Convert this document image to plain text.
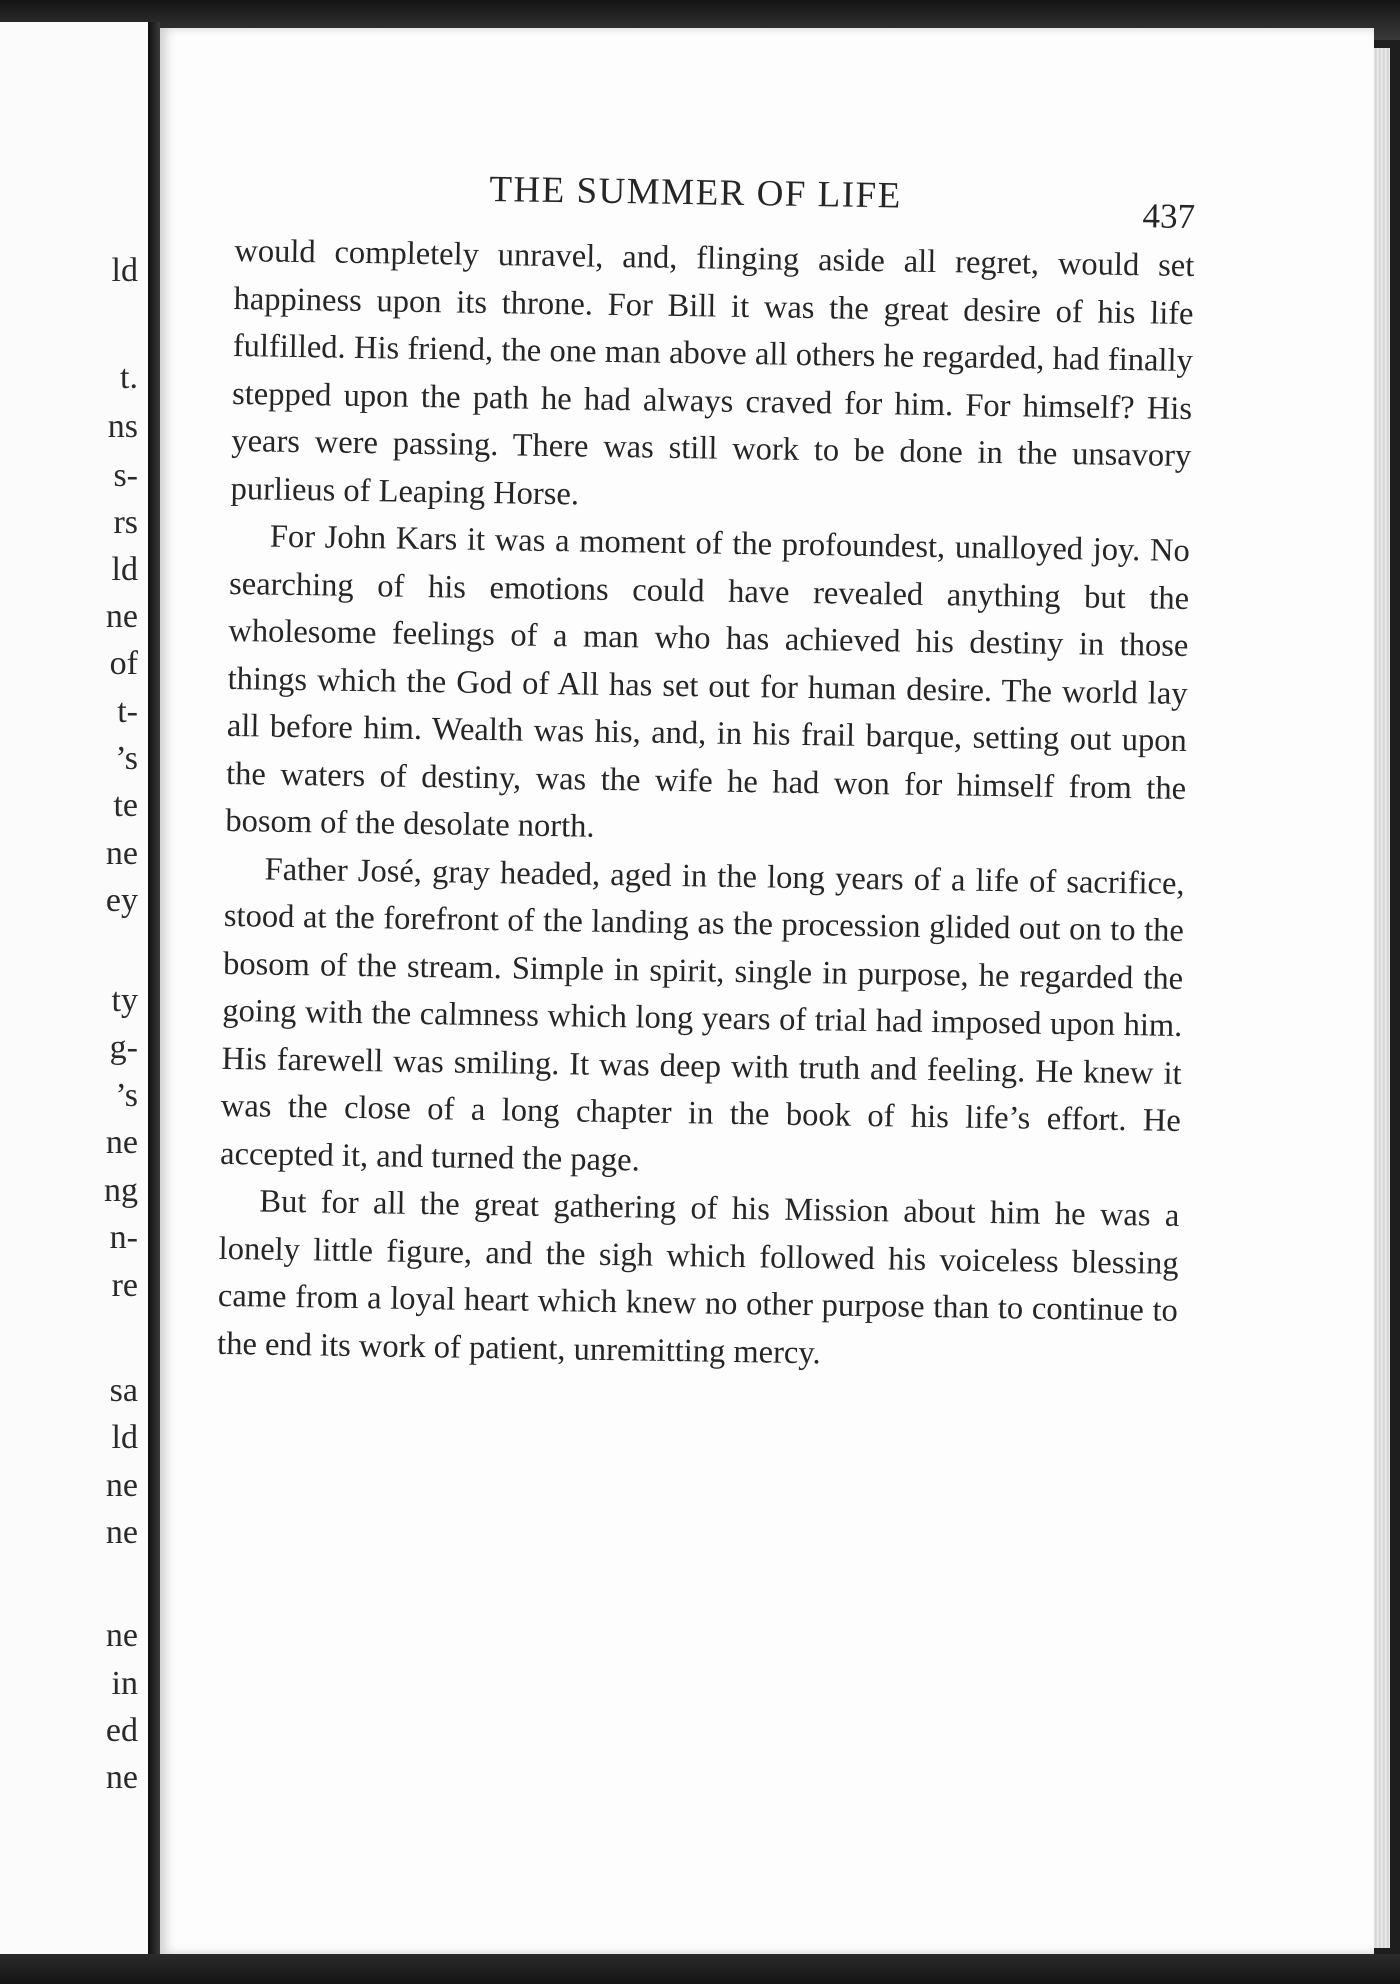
ld
t.
ns
s-
rs
ld
ne
of
t-
’s
te
ne
ey
ty
g-
’s
ne
ng
n-
re
sa
ld
ne
ne
ne
in
ed
ne
THE SUMMER OF LIFE	437

would completely unravel, and, flinging aside all regret, would set happiness upon its throne. For Bill it was the great desire of his life fulfilled. His friend, the one man above all others he regarded, had finally stepped upon the path he had always craved for him. For himself? His years were passing. There was still work to be done in the unsavory purlieus of Leaping Horse.

For John Kars it was a moment of the profoundest, unalloyed joy. No searching of his emotions could have revealed anything but the wholesome feelings of a man who has achieved his destiny in those things which the God of All has set out for human desire. The world lay all before him. Wealth was his, and, in his frail barque, setting out upon the waters of destiny, was the wife he had won for himself from the bosom of the desolate north.

Father José, gray headed, aged in the long years of a life of sacrifice, stood at the forefront of the landing as the procession glided out on to the bosom of the stream. Simple in spirit, single in purpose, he regarded the going with the calmness which long years of trial had imposed upon him. His farewell was smiling. It was deep with truth and feeling. He knew it was the close of a long chapter in the book of his life’s effort. He accepted it, and turned the page.

But for all the great gathering of his Mission about him he was a lonely little figure, and the sigh which followed his voiceless blessing came from a loyal heart which knew no other purpose than to continue to the end its work of patient, unremitting mercy.
